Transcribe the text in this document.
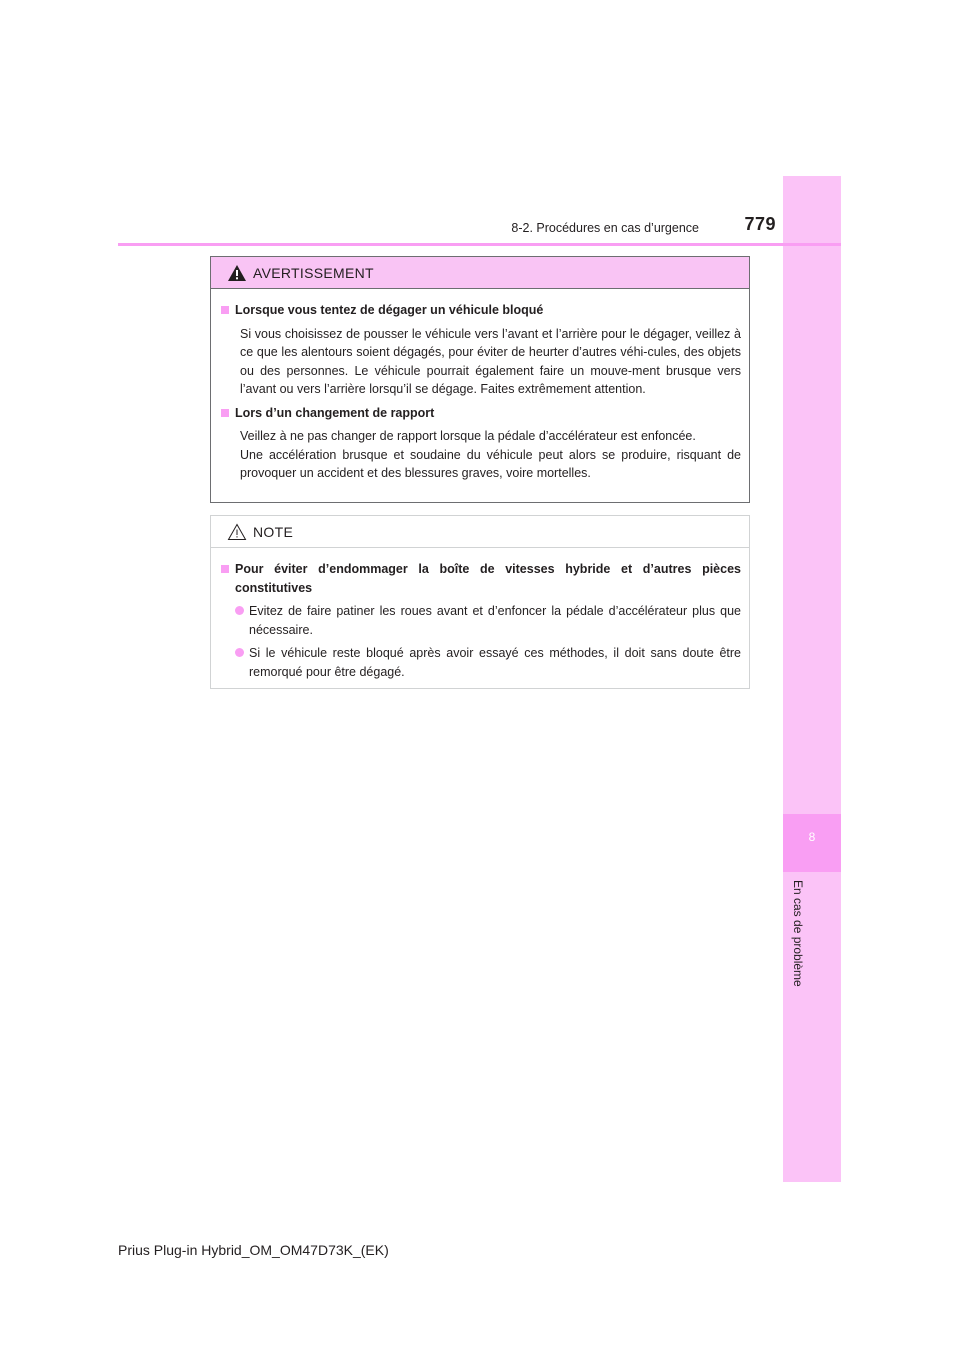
8
En cas de problème
8-2. Procédures en cas d’urgence	779
AVERTISSEMENT
Lorsque vous tentez de dégager un véhicule bloqué
Si vous choisissez de pousser le véhicule vers l’avant et l’arrière pour le dégager, veillez à ce que les alentours soient dégagés, pour éviter de heurter d’autres véhi-cules, des objets ou des personnes. Le véhicule pourrait également faire un mouve-ment brusque vers l’avant ou vers l’arrière lorsqu’il se dégage. Faites extrêmement attention.
Lors d’un changement de rapport
Veillez à ne pas changer de rapport lorsque la pédale d’accélérateur est enfoncée.
Une accélération brusque et soudaine du véhicule peut alors se produire, risquant de provoquer un accident et des blessures graves, voire mortelles.
NOTE
Pour éviter d’endommager la boîte de vitesses hybride et d’autres pièces constitutives
Evitez de faire patiner les roues avant et d’enfoncer la pédale d’accélérateur plus que nécessaire.
Si le véhicule reste bloqué après avoir essayé ces méthodes, il doit sans doute être remorqué pour être dégagé.
Prius Plug-in Hybrid_OM_OM47D73K_(EK)
